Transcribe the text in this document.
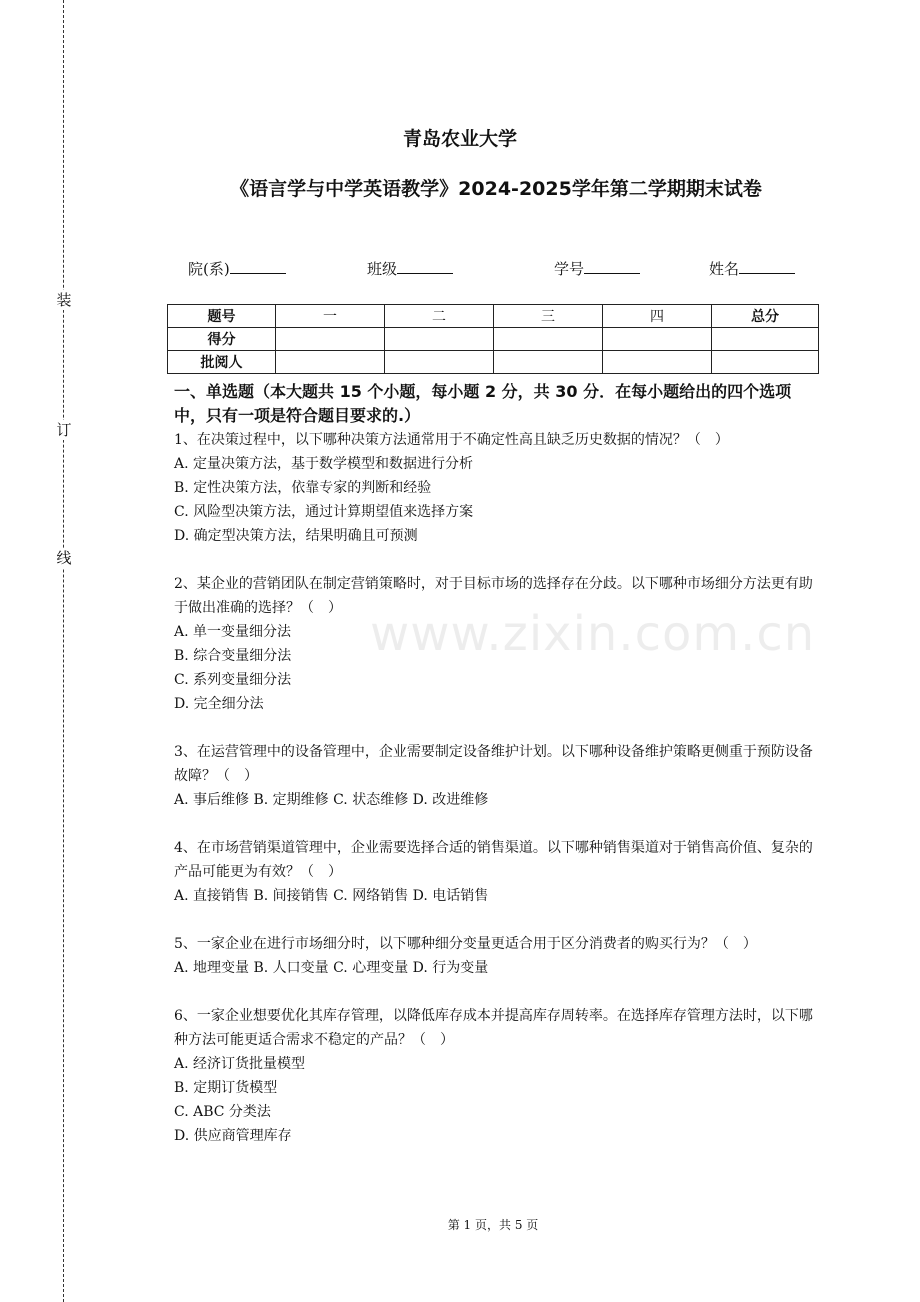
装
订
线
青岛农业大学
《语言学与中学英语教学》2024-2025学年第二学期期末试卷
院(系)	班级	学号	姓名
题号	一	二	三	四	总分
得分					
批阅人					

一、单选题（本大题共 15 个小题，每小题 2 分，共 30 分．在每小题给出的四个选项中，只有一项是符合题目要求的.）

1、在决策过程中，以下哪种决策方法通常用于不确定性高且缺乏历史数据的情况？（　）

A. 定量决策方法，基于数学模型和数据进行分析

B. 定性决策方法，依靠专家的判断和经验

C. 风险型决策方法，通过计算期望值来选择方案

D. 确定型决策方法，结果明确且可预测

2、某企业的营销团队在制定营销策略时，对于目标市场的选择存在分歧。以下哪种市场细分方法更有助于做出准确的选择？（　）

A. 单一变量细分法

B. 综合变量细分法

C. 系列变量细分法

D. 完全细分法

3、在运营管理中的设备管理中，企业需要制定设备维护计划。以下哪种设备维护策略更侧重于预防设备故障？（　）

A. 事后维修 B. 定期维修 C. 状态维修 D. 改进维修

4、在市场营销渠道管理中，企业需要选择合适的销售渠道。以下哪种销售渠道对于销售高价值、复杂的产品可能更为有效？（　）

A. 直接销售 B. 间接销售 C. 网络销售 D. 电话销售

5、一家企业在进行市场细分时，以下哪种细分变量更适合用于区分消费者的购买行为？（　）

A. 地理变量 B. 人口变量 C. 心理变量 D. 行为变量

6、一家企业想要优化其库存管理，以降低库存成本并提高库存周转率。在选择库存管理方法时，以下哪种方法可能更适合需求不稳定的产品？（　）

A. 经济订货批量模型

B. 定期订货模型

C. ABC 分类法

D. 供应商管理库存

www.zixin.com.cn
第 1 页，共 5 页
